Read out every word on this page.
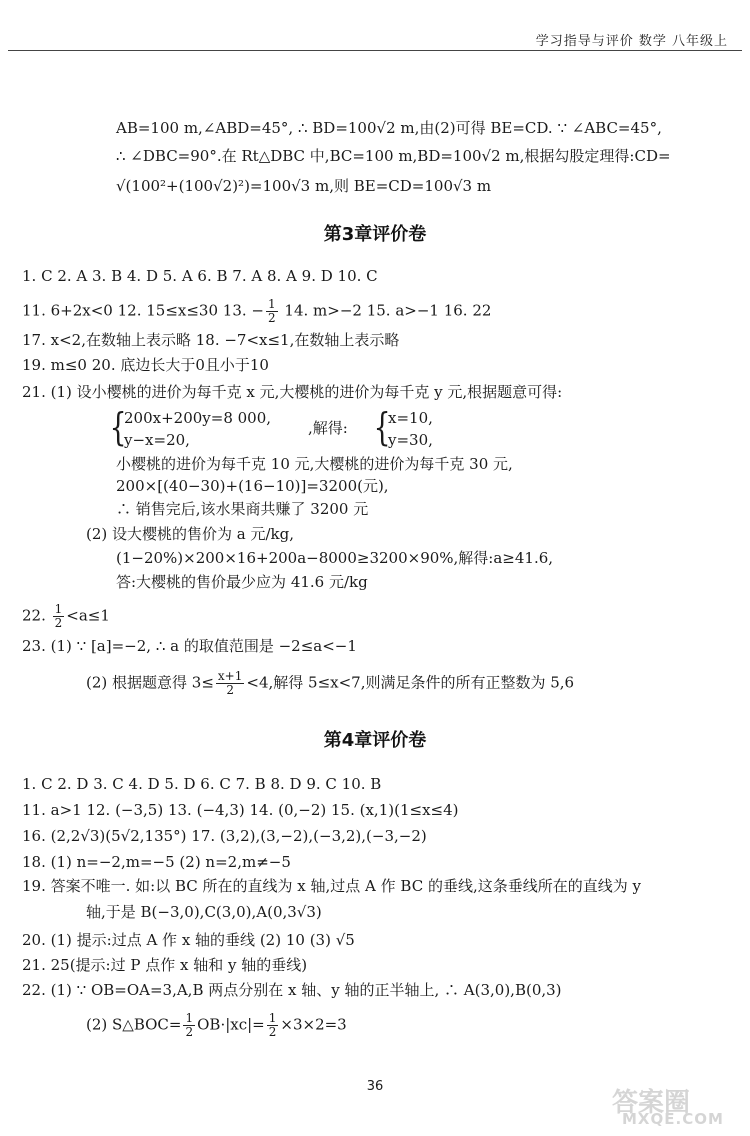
学习指导与评价 数学 八年级上
AB=100 m,∠ABD=45°, ∴ BD=100√2 m,由(2)可得 BE=CD. ∵ ∠ABC=45°,
∴ ∠DBC=90°.在 Rt△DBC 中,BC=100 m,BD=100√2 m,根据勾股定理得:CD=
√(100²+(100√2)²)=100√3 m,则 BE=CD=100√3 m
第3章评价卷
1. C 2. A 3. B 4. D 5. A 6. B 7. A 8. A 9. D 10. C
11. 6+2x<0 12. 15≤x≤30 13. − $\frac{1}{2} 14$. m>−2 15. a>−1 16. 22
17. x<2,在数轴上表示略 18. −7<x≤1,在数轴上表示略
19. m≤0 20. 底边长大于0且小于10
21. (1) 设小樱桃的进价为每千克 x 元,大樱桃的进价为每千克 y 元,根据题意可得:
{
200x+200y=8 000,
y−x=20,
,解得: {
x=10,
y=30,
小樱桃的进价为每千克 10 元,大樱桃的进价为每千克 30 元,
200×[(40−30)+(16−10)]=3200(元),
∴ 销售完后,该水果商共赚了 3200 元
(2) 设大樱桃的售价为 a 元/kg,
(1−20%)×200×16+200a−8000≥3200×90%,解得:a≥41.6,
答:大樱桃的售价最少应为 41.6 元/kg
22. $\frac{1}{2} <a\le 1$
23. (1) ∵ [a]=−2, ∴ a 的取值范围是 −2≤a<−1
(2) 根据题意得 $3\le \frac{x+1}{2} <4$,解得 5≤x<7,则满足条件的所有正整数为 5,6
第4章评价卷
1. C 2. D 3. C 4. D 5. D 6. C 7. B 8. D 9. C 10. B
11. a>1 12. (−3,5) 13. (−4,3) 14. (0,−2) 15. (x,1)(1≤x≤4)
16. (2,2√3)(5√2,135°) 17. (3,2),(3,−2),(−3,2),(−3,−2)
18. (1) n=−2,m=−5 (2) n=2,m≠−5
19. 答案不唯一. 如:以 BC 所在的直线为 x 轴,过点 A 作 BC 的垂线,这条垂线所在的直线为 y
轴,于是 B(−3,0),C(3,0),A(0,3√3)
20. (1) 提示:过点 A 作 x 轴的垂线 (2) 10 (3) √5
21. 25(提示:过 P 点作 x 轴和 y 轴的垂线)
22. (1) ∵ OB=OA=3,A,B 两点分别在 x 轴、y 轴的正半轴上, ∴ A(3,0),B(0,3)
(2) S△BOC= $\frac{1}{2} OB\cdot|xc|= \frac{1}{2} \times 3\times 2=3$
36
答案圈
MXQE.COM
